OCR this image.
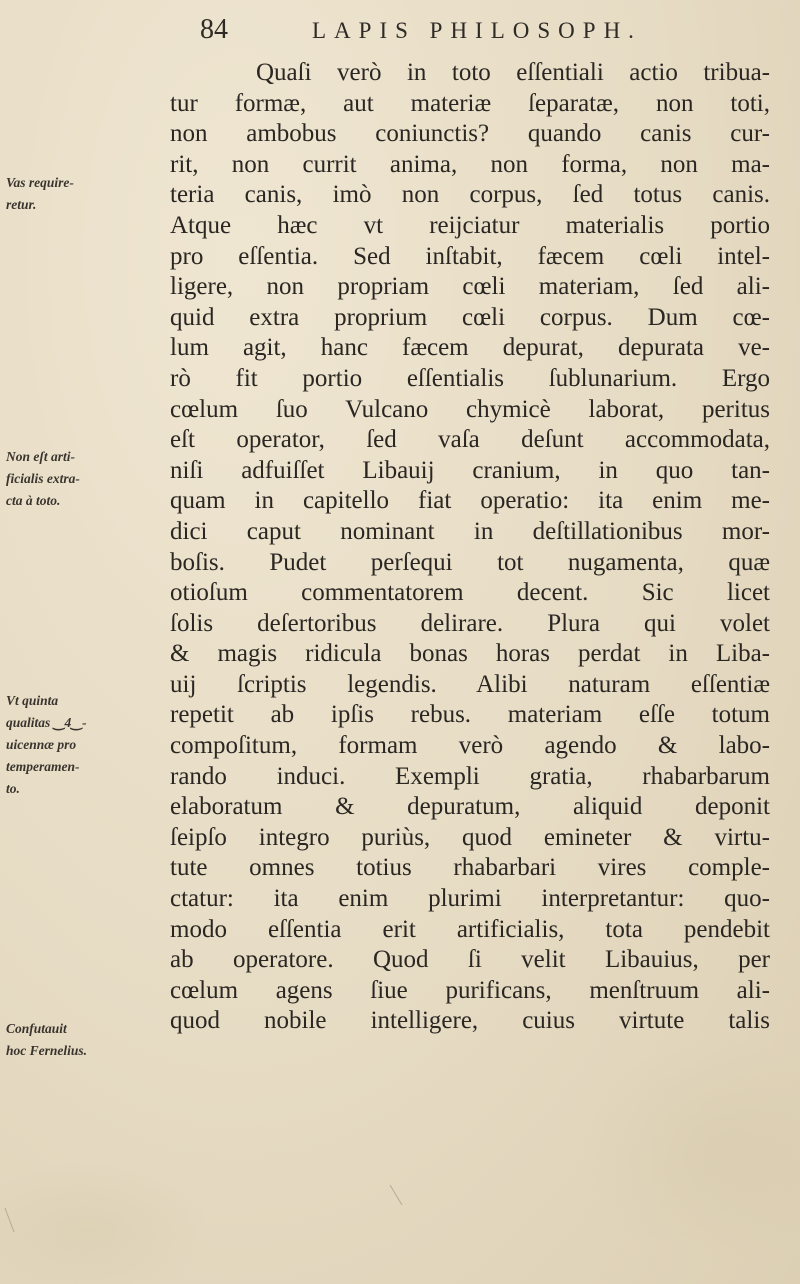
84	LAPIS PHILOSOPH.
Quaſi verò in toto eſſentiali actio tribua-
tur formæ, aut materiæ ſeparatæ, non toti,
non ambobus coniunctis? quando canis cur-
rit, non currit anima, non forma, non ma-
teria canis, imò non corpus, ſed totus canis.
Atque hæc vt reijciatur materialis portio
pro eſſentia. Sed inſtabit, fæcem cœli intel-
ligere, non propriam cœli materiam, ſed ali-
quid extra proprium cœli corpus. Dum cœ-
lum agit, hanc fæcem depurat, depurata ve-
rò fit portio eſſentialis ſublunarium. Ergo
cœlum ſuo Vulcano chymicè laborat, peritus
eſt operator, ſed vaſa deſunt accommodata,
niſi adfuiſſet Libauij cranium, in quo tan-
quam in capitello fiat operatio: ita enim me-
dici caput nominant in deſtillationibus mor-
boſis. Pudet perſequi tot nugamenta, quæ
otioſum commentatorem decent. Sic licet
ſolis deſertoribus delirare. Plura qui volet
& magis ridicula bonas horas perdat in Liba-
uij ſcriptis legendis. Alibi naturam eſſentiæ
repetit ab ipſis rebus. materiam eſſe totum
compoſitum, formam verò agendo & labo-
rando induci. Exempli gratia, rhabarbarum
elaboratum & depuratum, aliquid deponit
ſeipſo integro puriùs, quod emineter & virtu-
tute omnes totius rhabarbari vires comple-
ctatur: ita enim plurimi interpretantur: quo-
modo eſſentia erit artificialis, tota pendebit
ab operatore. Quod ſi velit Libauius, per
cœlum agens ſiue purificans, menſtruum ali-
quod nobile intelligere, cuius virtute talis
Vas require-
retur.
Non eſt arti-
ficialis extra-
cta à toto.
Vt quinta
qualitas ‿4‿-
uicennæ pro
temperamen-
to.
Confutauit
hoc Fernelius.
